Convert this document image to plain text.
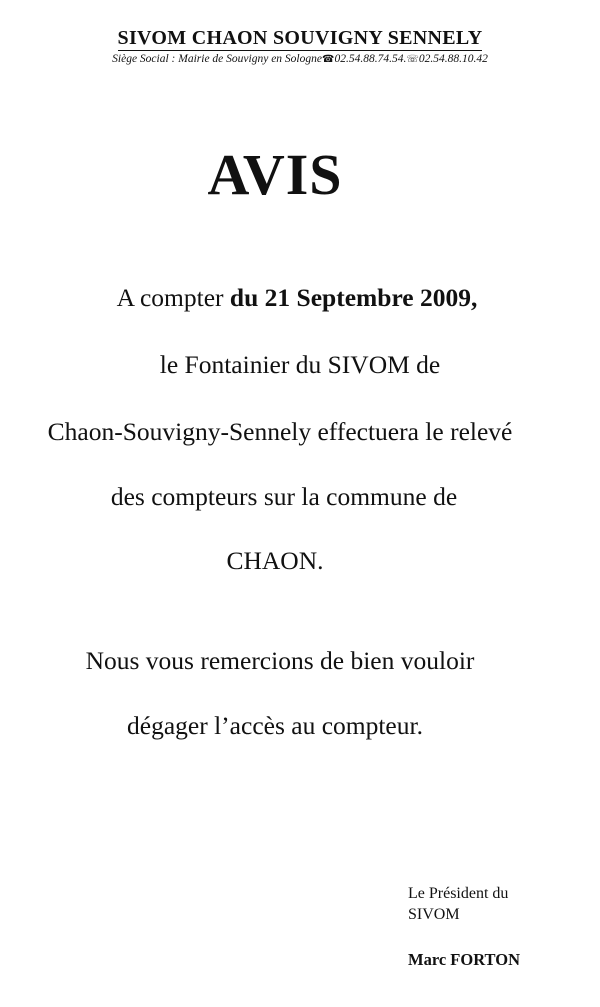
SIVOM CHAON SOUVIGNY SENNELY
Siège Social : Mairie de Souvigny en Sologne☎02.54.88.74.54.☏02.54.88.10.42
AVIS
A compter du 21 Septembre 2009,
le Fontainier du SIVOM de
Chaon-Souvigny-Sennely effectuera le relevé
des compteurs sur la commune de
CHAON.
Nous vous remercions de bien vouloir
dégager l’accès au compteur.
Le Président du
SIVOM
Marc FORTON
